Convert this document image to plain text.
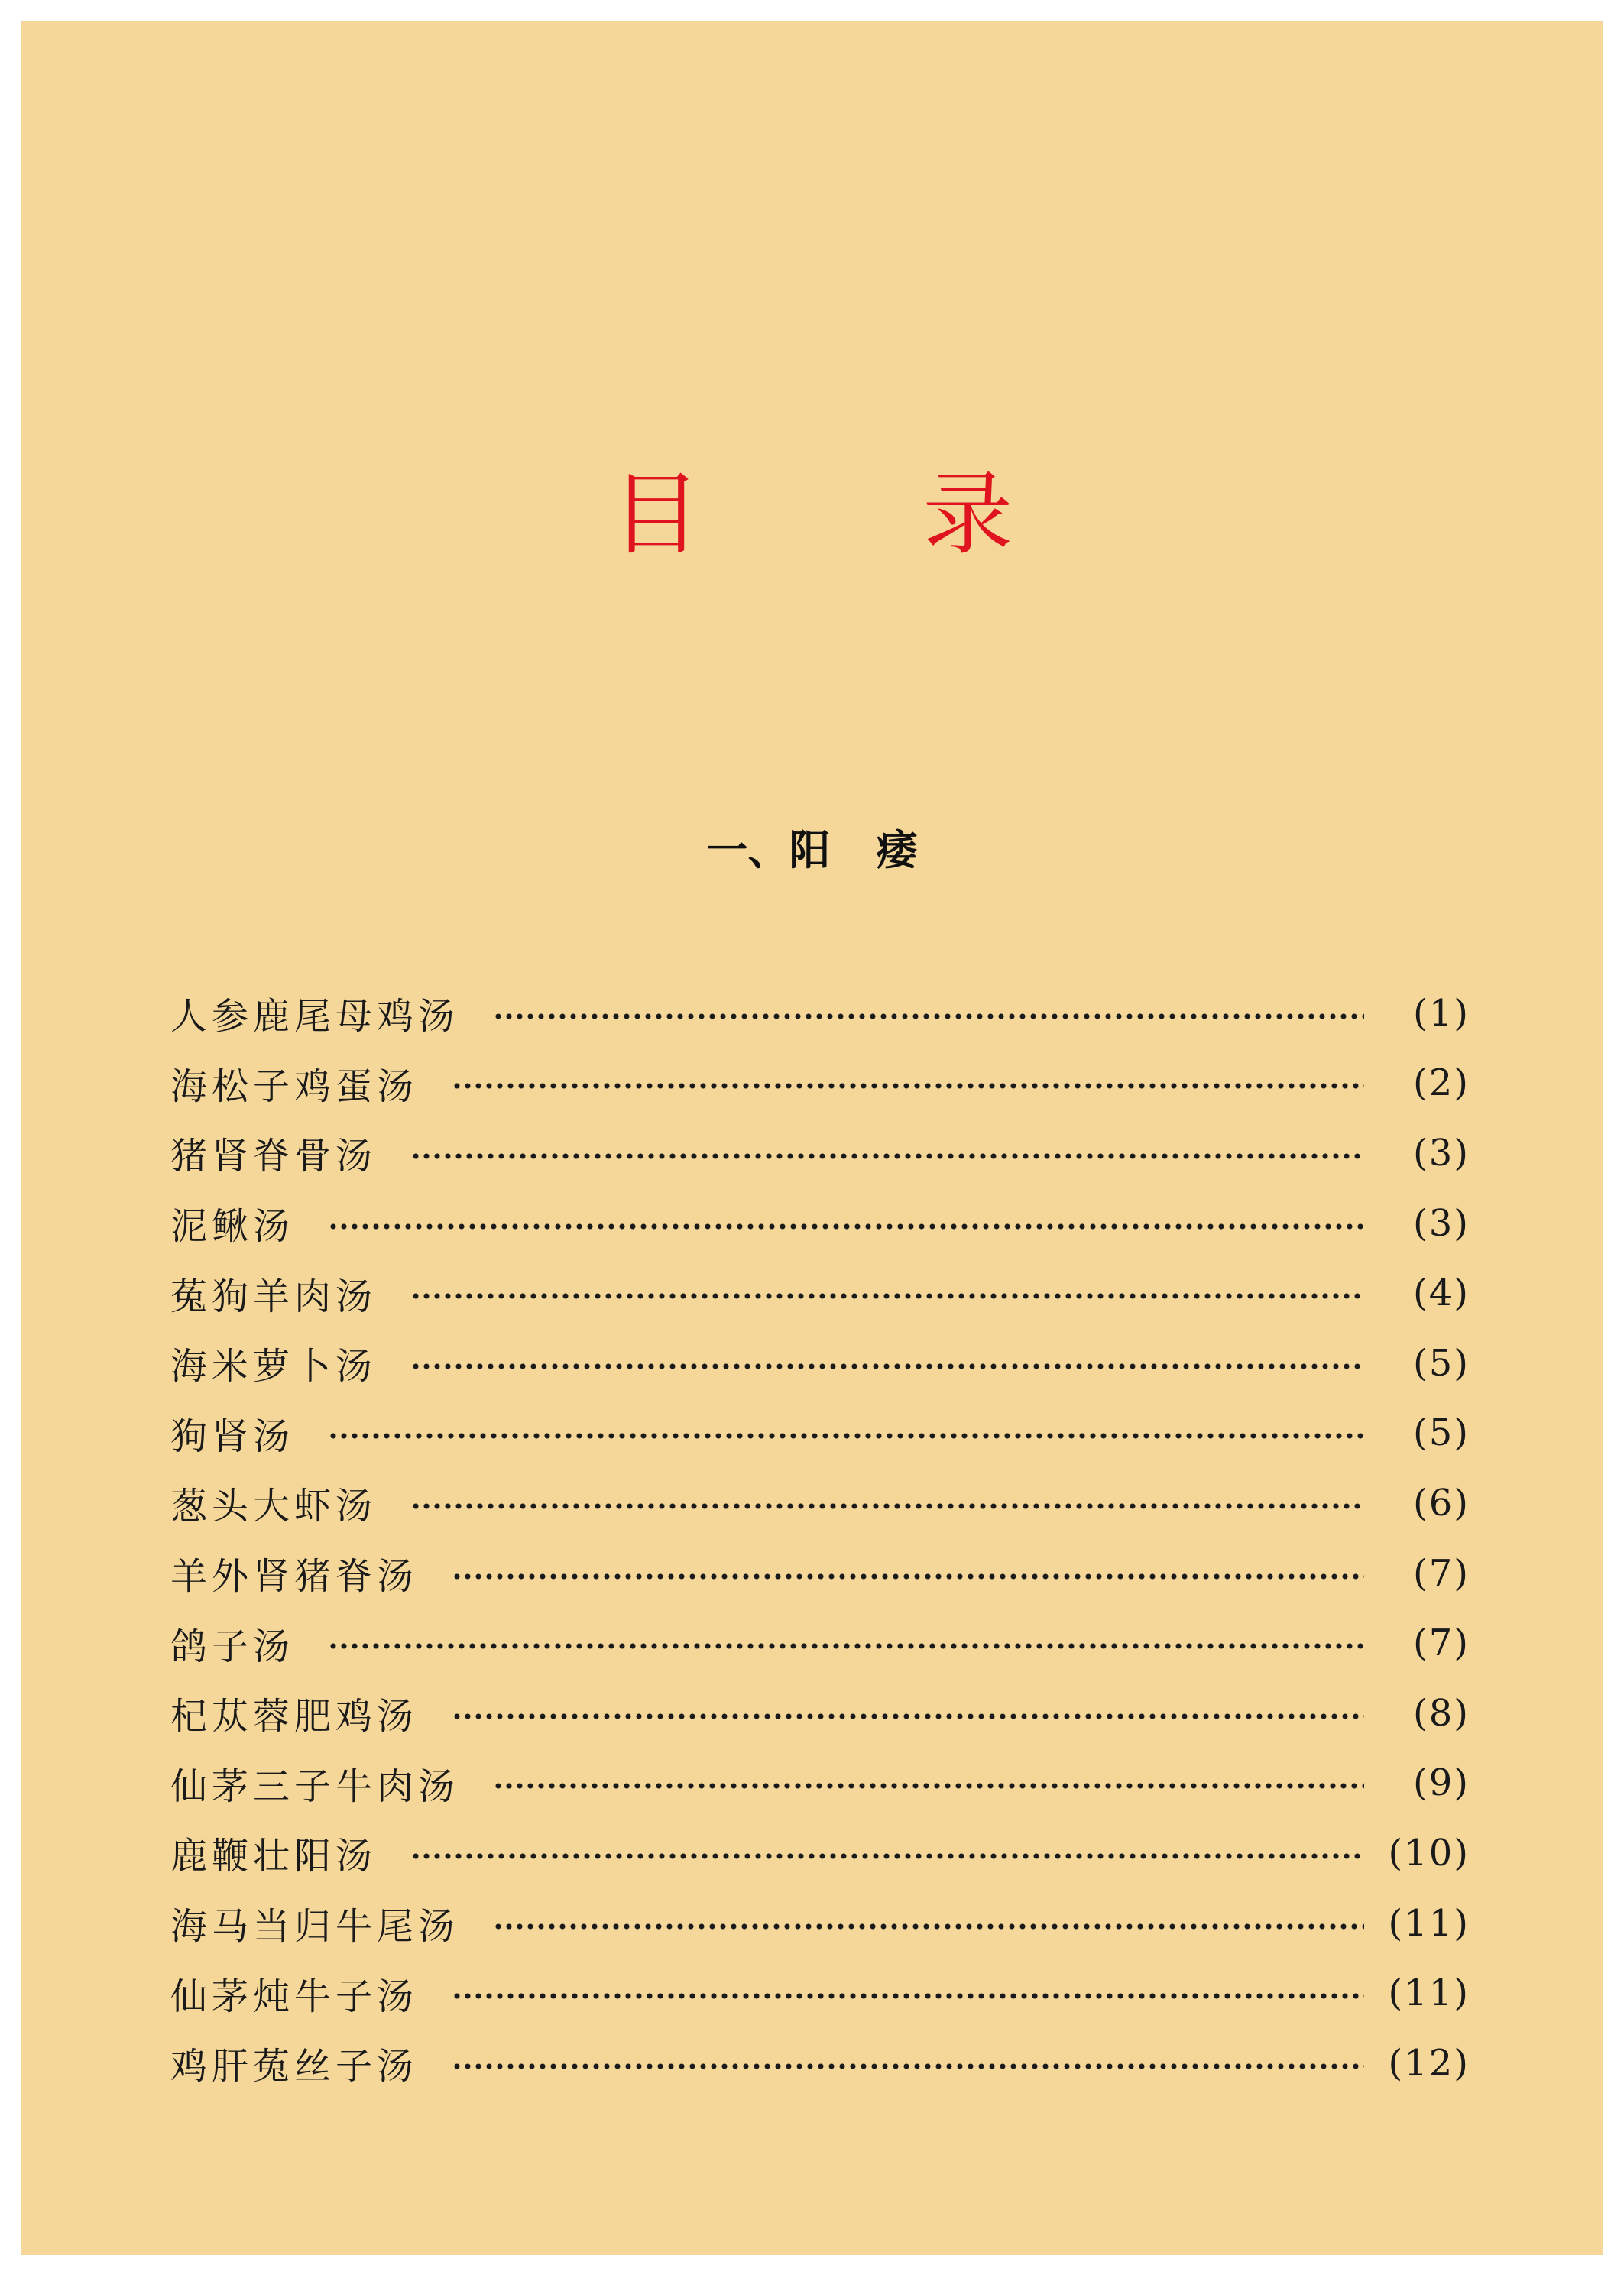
目 录
一、阳 痿
人参鹿尾母鸡汤	(1)
海松子鸡蛋汤	(2)
猪肾脊骨汤	(3)
泥鳅汤	(3)
菟狗羊肉汤	(4)
海米萝卜汤	(5)
狗肾汤	(5)
葱头大虾汤	(6)
羊外肾猪脊汤	(7)
鸽子汤	(7)
杞苁蓉肥鸡汤	(8)
仙茅三子牛肉汤	(9)
鹿鞭壮阳汤	(10)
海马当归牛尾汤	(11)
仙茅炖牛子汤	(11)
鸡肝菟丝子汤	(12)
